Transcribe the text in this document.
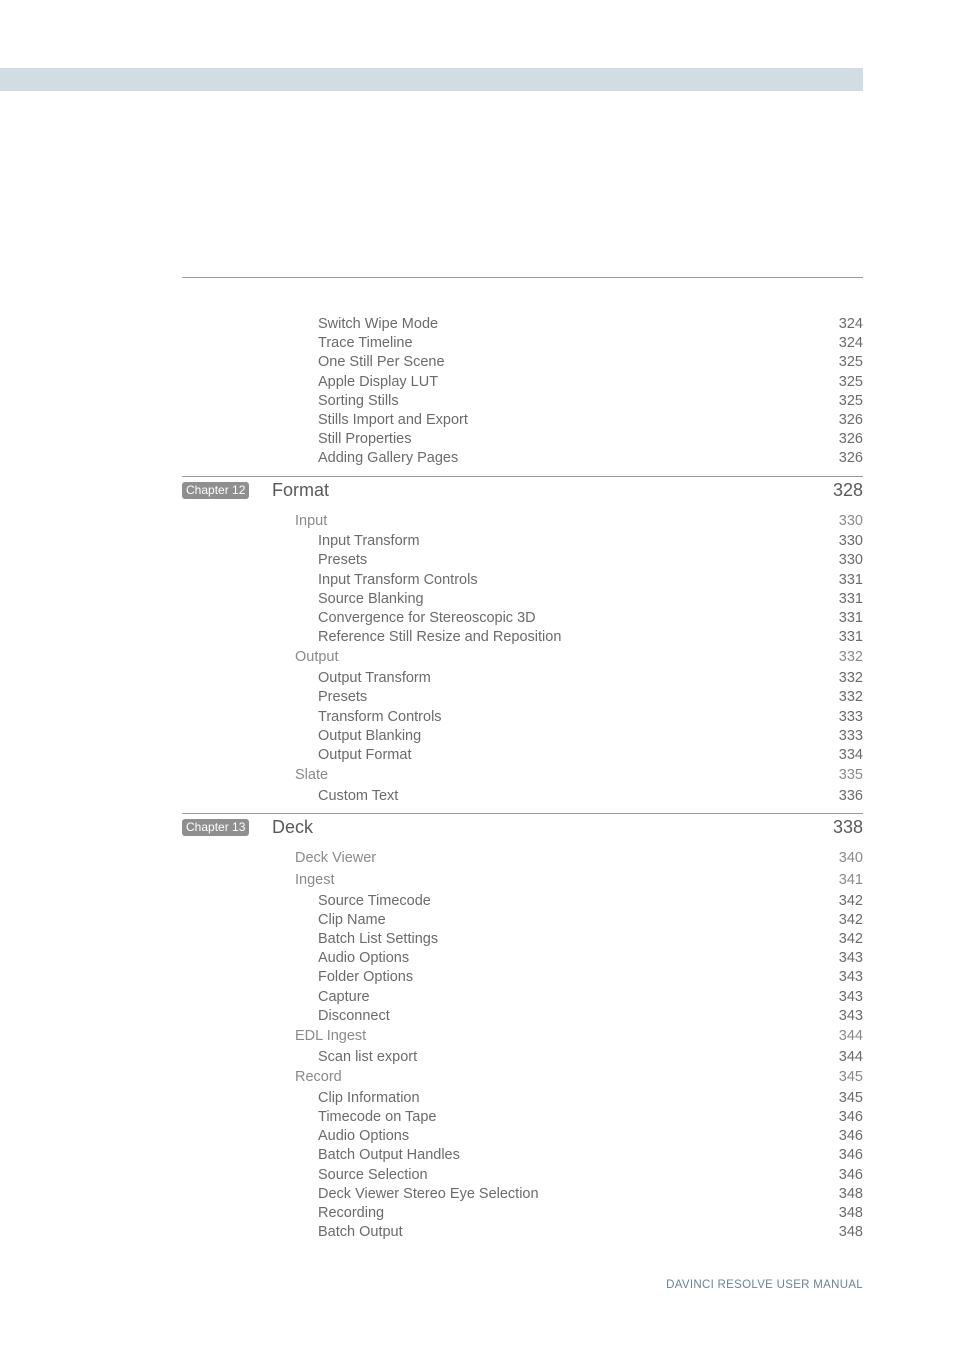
Switch Wipe Mode	324
Trace Timeline	324
One Still Per Scene	325
Apple Display LUT	325
Sorting Stills	325
Stills Import and Export	326
Still Properties	326
Adding Gallery Pages	326
Chapter 12 Format	328
Input	330
Input Transform	330
Presets	330
Input Transform Controls	331
Source Blanking	331
Convergence for Stereoscopic 3D	331
Reference Still Resize and Reposition	331
Output	332
Output Transform	332
Presets	332
Transform Controls	333
Output Blanking	333
Output Format	334
Slate	335
Custom Text	336
Chapter 13 Deck	338
Deck Viewer	340
Ingest	341
Source Timecode	342
Clip Name	342
Batch List Settings	342
Audio Options	343
Folder Options	343
Capture	343
Disconnect	343
EDL Ingest	344
Scan list export	344
Record	345
Clip Information	345
Timecode on Tape	346
Audio Options	346
Batch Output Handles	346
Source Selection	346
Deck Viewer Stereo Eye Selection	348
Recording	348
Batch Output	348
DAVINCI RESOLVE USER MANUAL
